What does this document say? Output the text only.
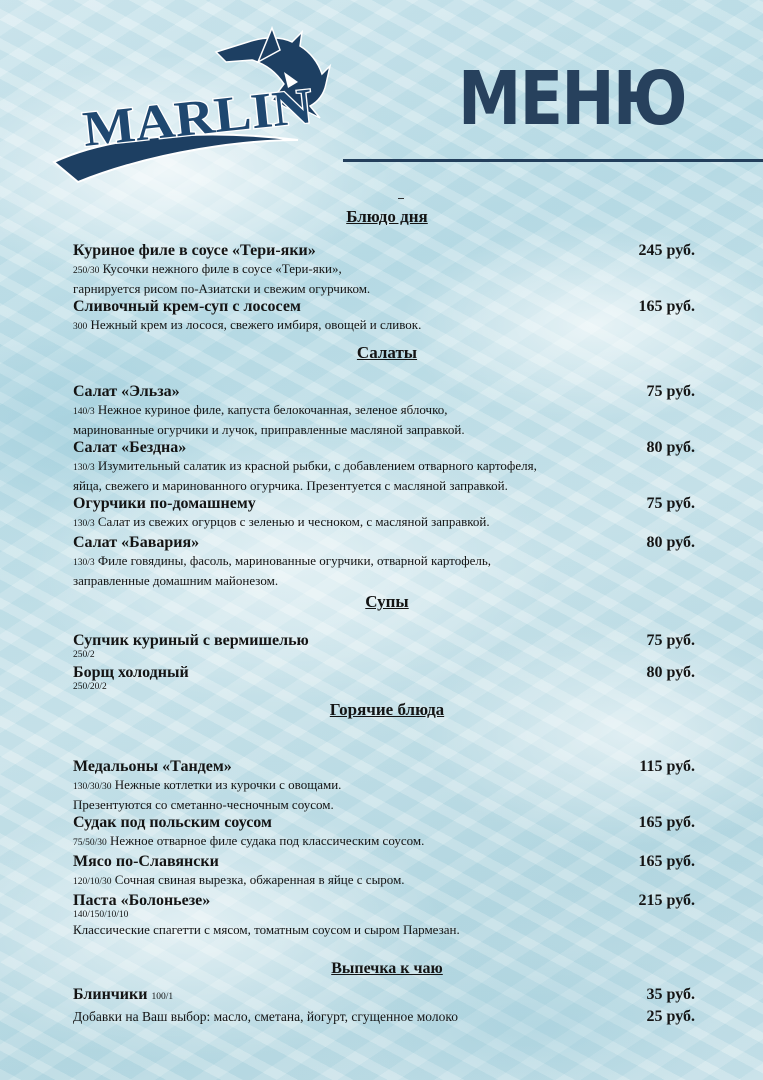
MARLIN МЕНЮ
Блюдо дня
Куриное филе в соусе «Тери-яки»	245 руб.
250/30 Кусочки нежного филе в соусе «Тери-яки»,
гарнируется рисом по-Азиатски и свежим огурчиком.
Сливочный крем-суп с лососем	165 руб.
300 Нежный крем из лосося, свежего имбиря, овощей и сливок.
Салаты
Салат «Эльза»	75 руб.
140/3 Нежное куриное филе, капуста белокочанная, зеленое яблочко,
маринованные огурчики и лучок, приправленные масляной заправкой.
Салат «Бездна»	80 руб.
130/3 Изумительный салатик из красной рыбки, с добавлением отварного картофеля,
яйца, свежего и маринованного огурчика. Презентуется с масляной заправкой.
Огурчики по-домашнему	75 руб.
130/3 Салат из свежих огурцов с зеленью и чесноком, с масляной заправкой.
Салат «Бавария»	80 руб.
130/3 Филе говядины, фасоль, маринованные огурчики, отварной картофель,
заправленные домашним майонезом.
Супы
Супчик куриный с вермишелью	75 руб.
250/2
Борщ холодный	80 руб.
250/20/2
Горячие блюда
Медальоны «Тандем»	115 руб.
130/30/30 Нежные котлетки из курочки с овощами.
Презентуются со сметанно-чесночным соусом.
Судак под польским соусом	165 руб.
75/50/30 Нежное отварное филе судака под классическим соусом.
Мясо по-Славянски	165 руб.
120/10/30 Сочная свиная вырезка, обжаренная в яйце с сыром.
Паста «Болоньезе»	215 руб.
140/150/10/10
Классические спагетти с мясом, томатным соусом и сыром Пармезан.
Выпечка к чаю
Блинчики 100/1	35 руб.
Добавки на Ваш выбор: масло, сметана, йогурт, сгущенное молоко	25 руб.
